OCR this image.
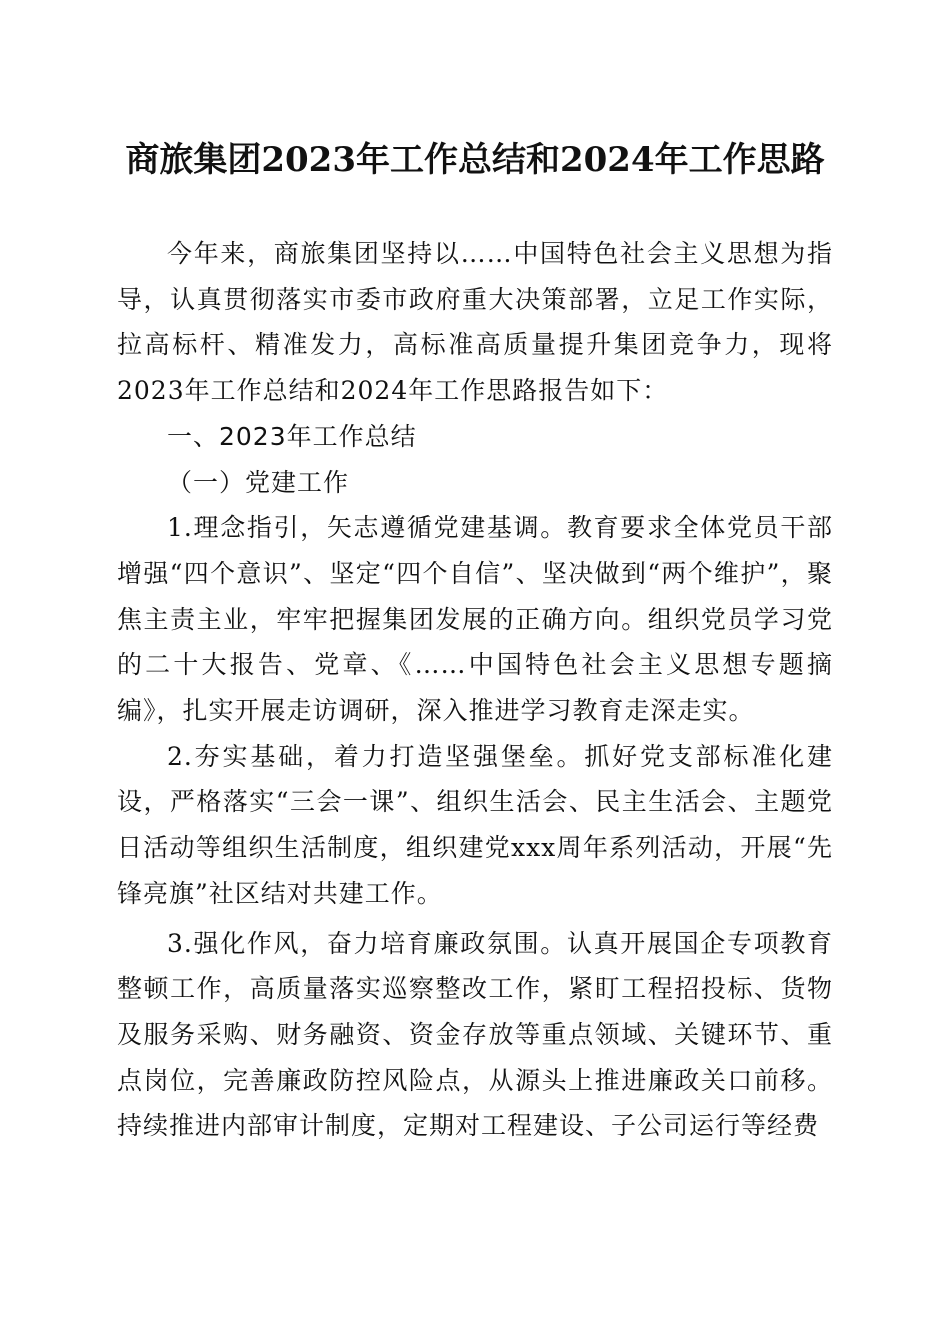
商旅集团2023年工作总结和2024年工作思路

今年来，商旅集团坚持以……中国特色社会主义思想为指导，认真贯彻落实市委市政府重大决策部署，立足工作实际，拉高标杆、精准发力，高标准高质量提升集团竞争力，现将2023年工作总结和2024年工作思路报告如下：

一、2023年工作总结

（一）党建工作

1.理念指引，矢志遵循党建基调。教育要求全体党员干部增强“四个意识”、坚定“四个自信”、坚决做到“两个维护”，聚焦主责主业，牢牢把握集团发展的正确方向。组织党员学习党的二十大报告、党章、《……中国特色社会主义思想专题摘编》，扎实开展走访调研，深入推进学习教育走深走实。

2.夯实基础，着力打造坚强堡垒。抓好党支部标准化建设，严格落实“三会一课”、组织生活会、民主生活会、主题党日活动等组织生活制度，组织建党xxx周年系列活动，开展“先锋亮旗”社区结对共建工作。

3.强化作风，奋力培育廉政氛围。认真开展国企专项教育整顿工作，高质量落实巡察整改工作，紧盯工程招投标、货物及服务采购、财务融资、资金存放等重点领域、关键环节、重点岗位，完善廉政防控风险点，从源头上推进廉政关口前移。持续推进内部审计制度，定期对工程建设、子公司运行等经费
